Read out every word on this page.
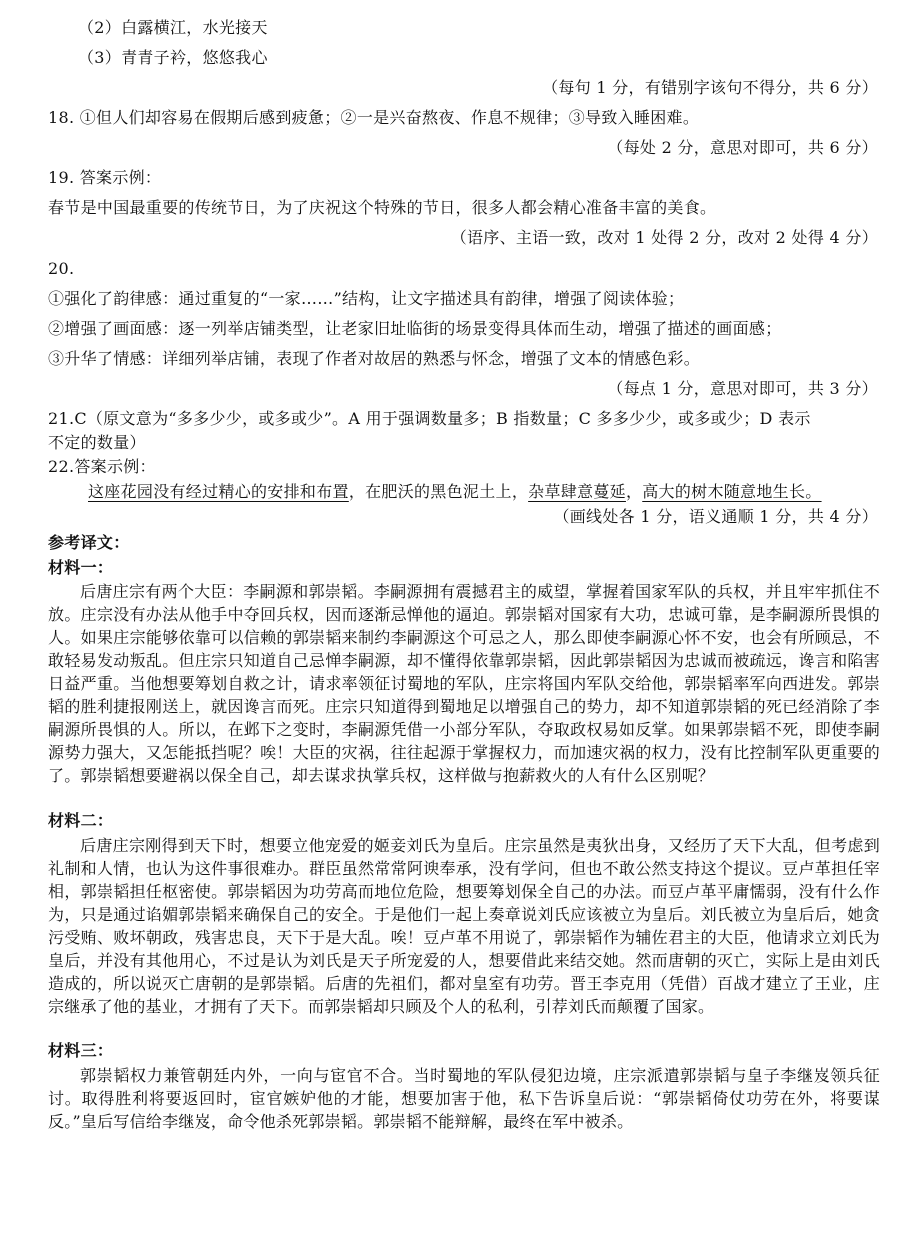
（2）白露横江，水光接天
（3）青青子衿，悠悠我心
（每句 1 分，有错别字该句不得分，共 6 分）
18. ①但人们却容易在假期后感到疲惫；②一是兴奋熬夜、作息不规律；③导致入睡困难。
（每处 2 分，意思对即可，共 6 分）
19. 答案示例：
春节是中国最重要的传统节日，为了庆祝这个特殊的节日，很多人都会精心准备丰富的美食。
（语序、主语一致，改对 1 处得 2 分，改对 2 处得 4 分）
20.
①强化了韵律感：通过重复的“一家……”结构，让文字描述具有韵律，增强了阅读体验；
②增强了画面感：逐一列举店铺类型，让老家旧址临街的场景变得具体而生动，增强了描述的画面感；
③升华了情感：详细列举店铺，表现了作者对故居的熟悉与怀念，增强了文本的情感色彩。
（每点 1 分，意思对即可，共 3 分）
21.C（原文意为“多多少少，或多或少”。A 用于强调数量多；B 指数量；C 多多少少，或多或少；D 表示
不定的数量）
22.答案示例：
这座花园没有经过精心的安排和布置，在肥沃的黑色泥土上，杂草肆意蔓延，高大的树木随意地生长。
（画线处各 1 分，语义通顺 1 分，共 4 分）
参考译文：
材料一：
后唐庄宗有两个大臣：李嗣源和郭崇韬。李嗣源拥有震撼君主的威望，掌握着国家军队的兵权，并且牢牢抓住不放。庄宗没有办法从他手中夺回兵权，因而逐渐忌惮他的逼迫。郭崇韬对国家有大功，忠诚可靠，是李嗣源所畏惧的人。如果庄宗能够依靠可以信赖的郭崇韬来制约李嗣源这个可忌之人，那么即使李嗣源心怀不安，也会有所顾忌，不敢轻易发动叛乱。但庄宗只知道自己忌惮李嗣源，却不懂得依靠郭崇韬，因此郭崇韬因为忠诚而被疏远，谗言和陷害日益严重。当他想要筹划自救之计，请求率领征讨蜀地的军队，庄宗将国内军队交给他，郭崇韬率军向西进发。郭崇韬的胜利捷报刚送上，就因谗言而死。庄宗只知道得到蜀地足以增强自己的势力，却不知道郭崇韬的死已经消除了李嗣源所畏惧的人。所以，在邺下之变时，李嗣源凭借一小部分军队，夺取政权易如反掌。如果郭崇韬不死，即使李嗣源势力强大，又怎能抵挡呢？唉！大臣的灾祸，往往起源于掌握权力，而加速灾祸的权力，没有比控制军队更重要的了。郭崇韬想要避祸以保全自己，却去谋求执掌兵权，这样做与抱薪救火的人有什么区别呢？
材料二：
后唐庄宗刚得到天下时，想要立他宠爱的姬妾刘氏为皇后。庄宗虽然是夷狄出身，又经历了天下大乱，但考虑到礼制和人情，也认为这件事很难办。群臣虽然常常阿谀奉承，没有学问，但也不敢公然支持这个提议。豆卢革担任宰相，郭崇韬担任枢密使。郭崇韬因为功劳高而地位危险，想要筹划保全自己的办法。而豆卢革平庸懦弱，没有什么作为，只是通过谄媚郭崇韬来确保自己的安全。于是他们一起上奏章说刘氏应该被立为皇后。刘氏被立为皇后后，她贪污受贿、败坏朝政，残害忠良，天下于是大乱。唉！豆卢革不用说了，郭崇韬作为辅佐君主的大臣，他请求立刘氏为皇后，并没有其他用心，不过是认为刘氏是天子所宠爱的人，想要借此来结交她。然而唐朝的灭亡，实际上是由刘氏造成的，所以说灭亡唐朝的是郭崇韬。后唐的先祖们，都对皇室有功劳。晋王李克用（凭借）百战才建立了王业，庄宗继承了他的基业，才拥有了天下。而郭崇韬却只顾及个人的私利，引荐刘氏而颠覆了国家。
材料三：
郭崇韬权力兼管朝廷内外，一向与宦官不合。当时蜀地的军队侵犯边境，庄宗派遣郭崇韬与皇子李继岌领兵征讨。取得胜利将要返回时，宦官嫉妒他的才能，想要加害于他，私下告诉皇后说：“郭崇韬倚仗功劳在外，将要谋反。”皇后写信给李继岌，命令他杀死郭崇韬。郭崇韬不能辩解，最终在军中被杀。
